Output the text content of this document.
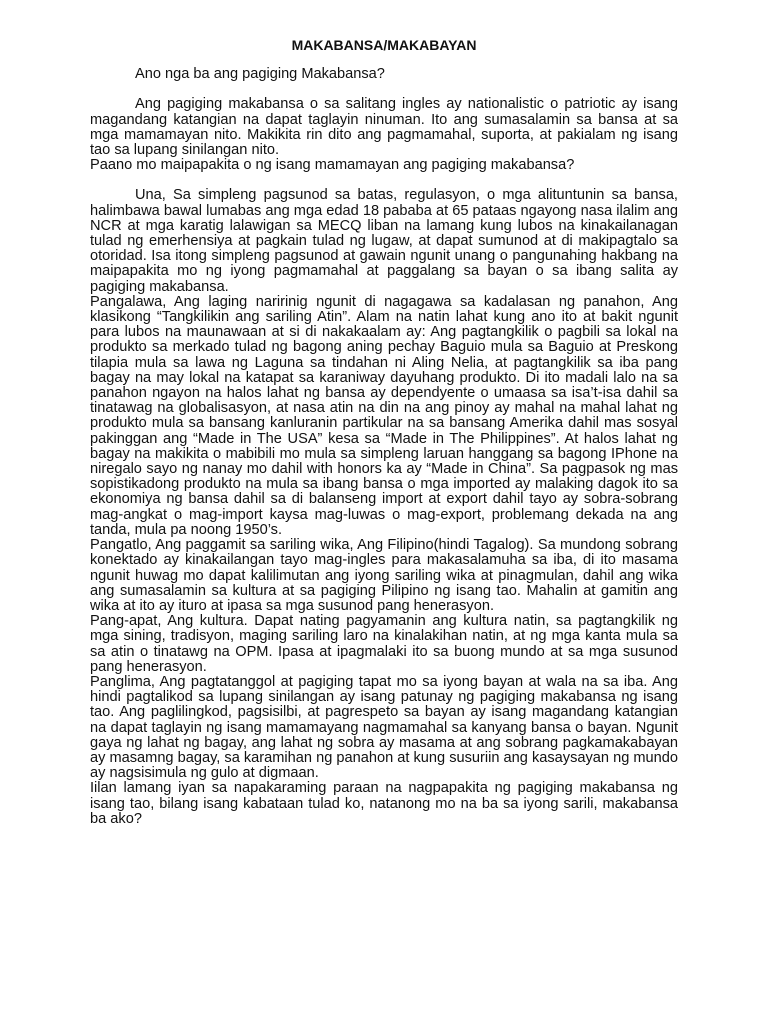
MAKABANSA/MAKABAYAN
Ano nga ba ang pagiging Makabansa?

Ang pagiging makabansa o sa salitang ingles ay nationalistic o patriotic ay isang magandang katangian na dapat taglayin ninuman. Ito ang sumasalamin sa bansa at sa mga mamamayan nito. Makikita rin dito ang pagmamahal, suporta, at pakialam ng isang tao sa lupang sinilangan nito.

Paano mo maipapakita o ng isang mamamayan ang pagiging makabansa?

Una, Sa simpleng pagsunod sa batas, regulasyon, o mga alituntunin sa bansa, halimbawa bawal lumabas ang mga edad 18 pababa at 65 pataas ngayong nasa ilalim ang NCR at mga karatig lalawigan sa MECQ liban na lamang kung lubos na kinakailanagan tulad ng emerhensiya at pagkain tulad ng lugaw, at dapat sumunod at di makipagtalo sa otoridad. Isa itong simpleng pagsunod at gawain ngunit unang o pangunahing hakbang na maipapakita mo ng iyong pagmamahal at paggalang sa bayan o sa ibang salita ay pagiging makabansa.

Pangalawa, Ang laging naririnig ngunit di nagagawa sa kadalasan ng panahon, Ang klasikong “Tangkilikin ang sariling Atin”. Alam na natin lahat kung ano ito at bakit ngunit para lubos na maunawaan at si di nakakaalam ay: Ang pagtangkilik o pagbili sa lokal na produkto sa merkado tulad ng bagong aning pechay Baguio mula sa Baguio at Preskong tilapia mula sa lawa ng Laguna sa tindahan ni Aling Nelia, at pagtangkilik sa iba pang bagay na may lokal na katapat sa karaniway dayuhang produkto. Di ito madali lalo na sa panahon ngayon na halos lahat ng bansa ay dependyente o umaasa sa isa’t-isa dahil sa tinatawag na globalisasyon, at nasa atin na din na ang pinoy ay mahal na mahal lahat ng produkto mula sa bansang kanluranin partikular na sa bansang Amerika dahil mas sosyal pakinggan ang “Made in The USA” kesa sa “Made in The Philippines”. At halos lahat ng bagay na makikita o mabibili mo mula sa simpleng laruan hanggang sa bagong IPhone na niregalo sayo ng nanay mo dahil with honors ka ay “Made in China”. Sa pagpasok ng mas sopistikadong produkto na mula sa ibang bansa o mga imported ay malaking dagok ito sa ekonomiya ng bansa dahil sa di balanseng import at export dahil tayo ay sobra-sobrang mag-angkat o mag-import kaysa mag-luwas o mag-export, problemang dekada na ang tanda, mula pa noong 1950’s.

Pangatlo, Ang paggamit sa sariling wika, Ang Filipino(hindi Tagalog). Sa mundong sobrang konektado ay kinakailangan tayo mag-ingles para makasalamuha sa iba, di ito masama ngunit huwag mo dapat kalilimutan ang iyong sariling wika at pinagmulan, dahil ang wika ang sumasalamin sa kultura at sa pagiging Pilipino ng isang tao. Mahalin at gamitin ang wika at ito ay ituro at ipasa sa mga susunod pang henerasyon.

Pang-apat, Ang kultura. Dapat nating pagyamanin ang kultura natin, sa pagtangkilik ng mga sining, tradisyon, maging sariling laro na kinalakihan natin, at ng mga kanta mula sa sa atin o tinatawg na OPM. Ipasa at ipagmalaki ito sa buong mundo at sa mga susunod pang henerasyon.

Panglima, Ang pagtatanggol at pagiging tapat mo sa iyong bayan at wala na sa iba. Ang hindi pagtalikod sa lupang sinilangan ay isang patunay ng pagiging makabansa ng isang tao. Ang paglilingkod, pagsisilbi, at pagrespeto sa bayan ay isang magandang katangian na dapat taglayin ng isang mamamayang nagmamahal sa kanyang bansa o bayan. Ngunit gaya ng lahat ng bagay, ang lahat ng sobra ay masama at ang sobrang pagkamakabayan ay masamng bagay, sa karamihan ng panahon at kung susuriin ang kasaysayan ng mundo ay nagsisimula ng gulo at digmaan.

Iilan lamang iyan sa napakaraming paraan na nagpapakita ng pagiging makabansa ng isang tao, bilang isang kabataan tulad ko, natanong mo na ba sa iyong sarili, makabansa ba ako?
